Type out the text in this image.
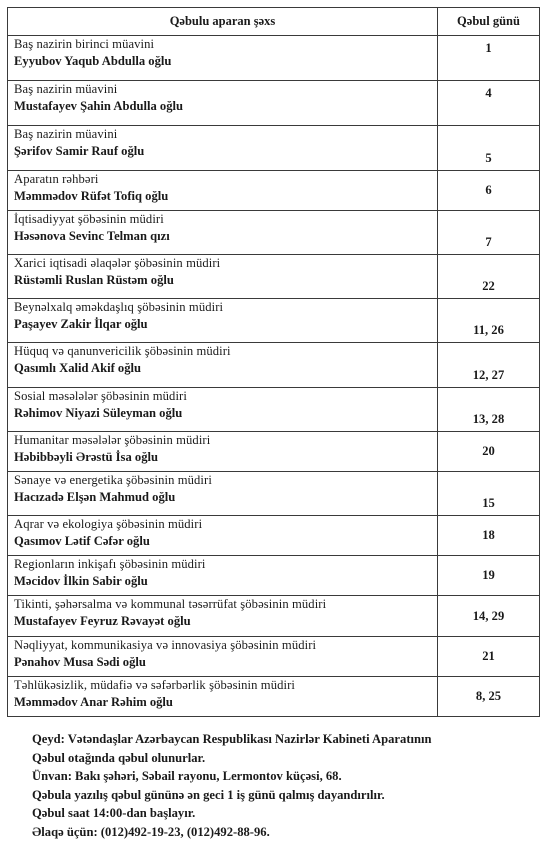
Qəbulu aparan şəxs	Qəbul günü

Baş nazirin birinci müavini
Eyyubov Yaqub Abdulla oğlu	1

Baş nazirin müavini
Mustafayev Şahin Abdulla oğlu	4

Baş nazirin müavini
Şərifov Samir Rauf oğlu	5

Aparatın rəhbəri
Məmmədov Rüfət Tofiq oğlu	6

İqtisadiyyat şöbəsinin müdiri
Həsənova Sevinc Telman qızı	7

Xarici iqtisadi əlaqələr şöbəsinin müdiri
Rüstəmli Ruslan Rüstəm oğlu	22

Beynəlxalq əməkdaşlıq şöbəsinin müdiri
Paşayev Zakir İlqar oğlu	11, 26

Hüquq və qanunvericilik şöbəsinin müdiri
Qasımlı Xalid Akif oğlu	12, 27

Sosial məsələlər şöbəsinin müdiri
Rəhimov Niyazi Süleyman oğlu	13, 28

Humanitar məsələlər şöbəsinin müdiri
Həbibbəyli Ərəstü İsa oğlu	20

Sənaye və energetika şöbəsinin müdiri
Hacızadə Elşən Mahmud oğlu	15

Aqrar və ekologiya şöbəsinin müdiri
Qasımov Lətif Cəfər oğlu	18

Regionların inkişafı şöbəsinin müdiri
Məcidov İlkin Sabir oğlu	19

Tikinti, şəhərsalma və kommunal təsərrüfat şöbəsinin müdiri
Mustafayev Feyruz Rəvayət oğlu	14, 29

Nəqliyyat, kommunikasiya və innovasiya şöbəsinin müdiri
Pənahov Musa Sədi oğlu	21

Təhlükəsizlik, müdafiə və səfərbərlik şöbəsinin müdiri
Məmmədov Anar Rəhim oğlu	8, 25
Qeyd: Vətəndaşlar Azərbaycan Respublikası Nazirlər Kabineti Aparatının
Qəbul otağında qəbul olunurlar.
Ünvan: Bakı şəhəri, Səbail rayonu, Lermontov küçəsi, 68.
Qəbula yazılış qəbul gününə ən geci 1 iş günü qalmış dayandırılır.
Qəbul saat 14:00-dan başlayır.
Əlaqə üçün: (012)492-19-23, (012)492-88-96.
